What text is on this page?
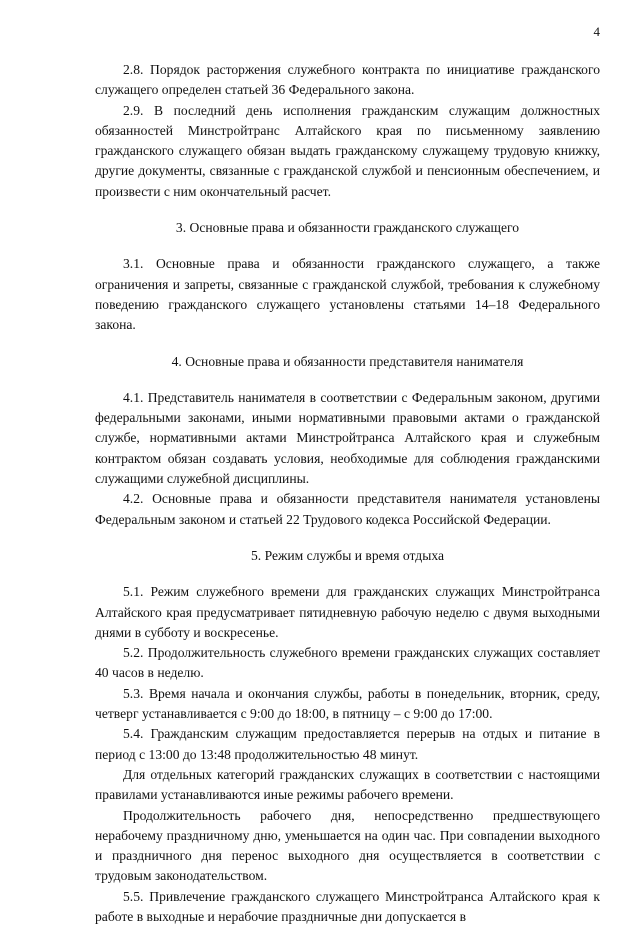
4

2.8. Порядок расторжения служебного контракта по инициативе гражданского служащего определен статьей 36 Федерального закона.

2.9. В последний день исполнения гражданским служащим должностных обязанностей Минстройтранс Алтайского края по письменному заявлению гражданского служащего обязан выдать гражданскому служащему трудовую книжку, другие документы, связанные с гражданской службой и пенсионным обеспечением, и произвести с ним окончательный расчет.

3. Основные права и обязанности гражданского служащего

3.1. Основные права и обязанности гражданского служащего, а также ограничения и запреты, связанные с гражданской службой, требования к служебному поведению гражданского служащего установлены статьями 14–18 Федерального закона.

4. Основные права и обязанности представителя нанимателя

4.1. Представитель нанимателя в соответствии с Федеральным законом, другими федеральными законами, иными нормативными правовыми актами о гражданской службе, нормативными актами Минстройтранса Алтайского края и служебным контрактом обязан создавать условия, необходимые для соблюдения гражданскими служащими служебной дисциплины.

4.2. Основные права и обязанности представителя нанимателя установлены Федеральным законом и статьей 22 Трудового кодекса Российской Федерации.

5. Режим службы и время отдыха

5.1. Режим служебного времени для гражданских служащих Минстройтранса Алтайского края предусматривает пятидневную рабочую неделю с двумя выходными днями в субботу и воскресенье.

5.2. Продолжительность служебного времени гражданских служащих составляет 40 часов в неделю.

5.3. Время начала и окончания службы, работы в понедельник, вторник, среду, четверг устанавливается с 9:00 до 18:00, в пятницу – с 9:00 до 17:00.

5.4. Гражданским служащим предоставляется перерыв на отдых и питание в период с 13:00 до 13:48 продолжительностью 48 минут.

Для отдельных категорий гражданских служащих в соответствии с настоящими правилами устанавливаются иные режимы рабочего времени.

Продолжительность рабочего дня, непосредственно предшествующего нерабочему праздничному дню, уменьшается на один час. При совпадении выходного и праздничного дня перенос выходного дня осуществляется в соответствии с трудовым законодательством.

5.5. Привлечение гражданского служащего Минстройтранса Алтайского края к работе в выходные и нерабочие праздничные дни допускается в
